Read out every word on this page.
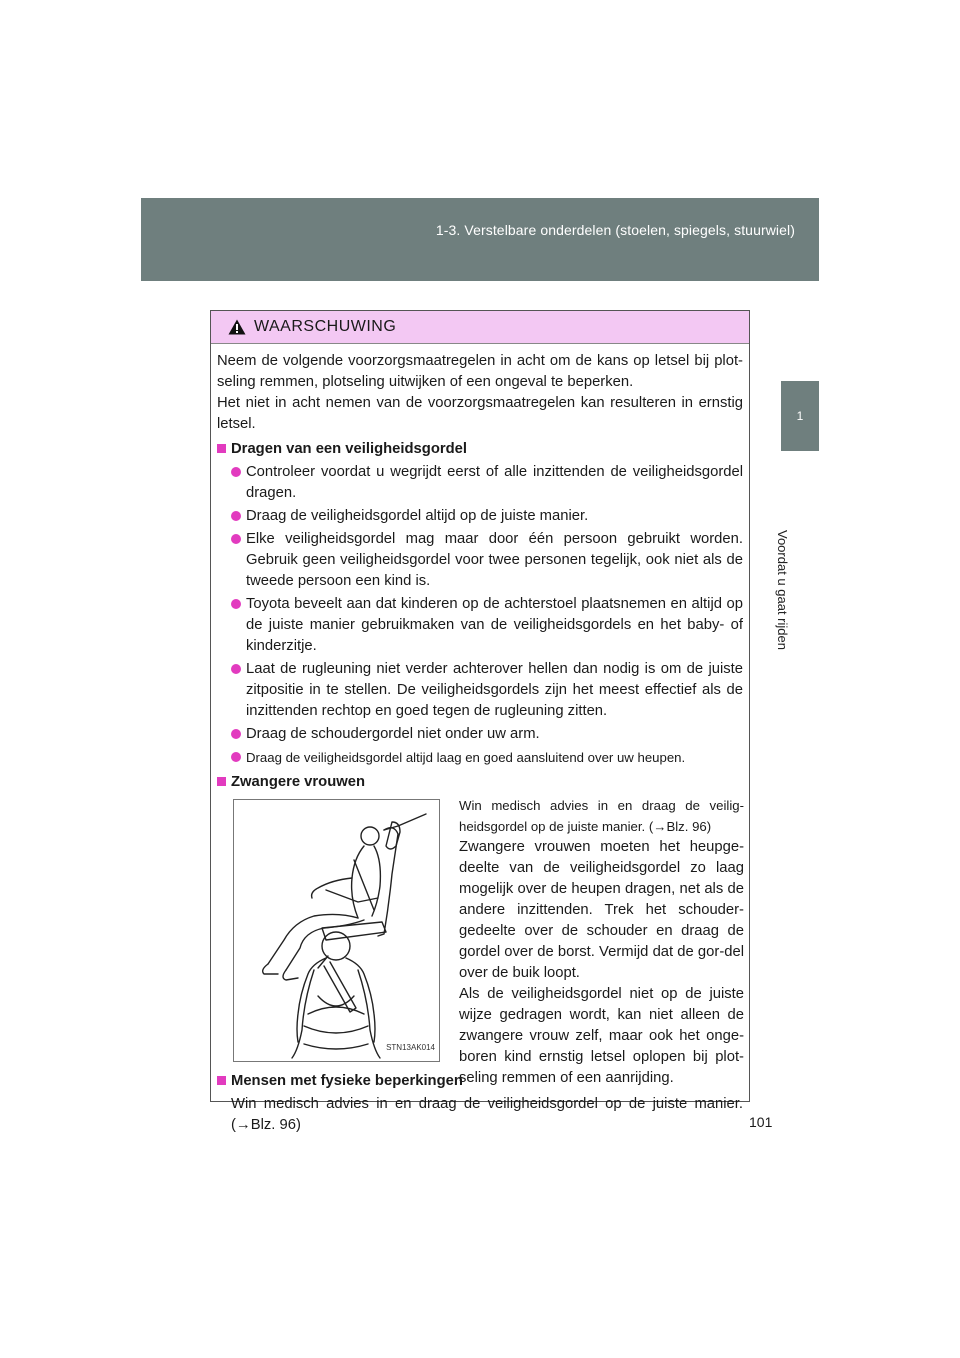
1-3. Verstelbare onderdelen (stoelen, spiegels, stuurwiel)
1
Voordat u gaat rijden
WAARSCHUWING

Neem de volgende voorzorgsmaatregelen in acht om de kans op letsel bij plot-seling remmen, plotseling uitwijken of een ongeval te beperken.

Het niet in acht nemen van de voorzorgsmaatregelen kan resulteren in ernstig letsel.

Dragen van een veiligheidsgordel
Controleer voordat u wegrijdt eerst of alle inzittenden de veiligheidsgordel dragen.
Draag de veiligheidsgordel altijd op de juiste manier.
Elke veiligheidsgordel mag maar door één persoon gebruikt worden. Gebruik geen veiligheidsgordel voor twee personen tegelijk, ook niet als de tweede persoon een kind is.
Toyota beveelt aan dat kinderen op de achterstoel plaatsnemen en altijd op de juiste manier gebruikmaken van de veiligheidsgordels en het baby- of kinderzitje.
Laat de rugleuning niet verder achterover hellen dan nodig is om de juiste zitpositie in te stellen. De veiligheidsgordels zijn het meest effectief als de inzittenden rechtop en goed tegen de rugleuning zitten.
Draag de schoudergordel niet onder uw arm.
Draag de veiligheidsgordel altijd laag en goed aansluitend over uw heupen.
Zwangere vrouwen
STN13AK014

Win medisch advies in en draag de veilig-heidsgordel op de juiste manier. (→Blz. 96)

Zwangere vrouwen moeten het heupge-deelte van de veiligheidsgordel zo laag mogelijk over de heupen dragen, net als de andere inzittenden. Trek het schouder-gedeelte over de schouder en draag de gordel over de borst. Vermijd dat de gor-del over de buik loopt.

Als de veiligheidsgordel niet op de juiste wijze gedragen wordt, kan niet alleen de zwangere vrouw zelf, maar ook het onge-boren kind ernstig letsel oplopen bij plot-seling remmen of een aanrijding.

Mensen met fysieke beperkingen

Win medisch advies in en draag de veiligheidsgordel op de juiste manier. (→Blz. 96)	101
